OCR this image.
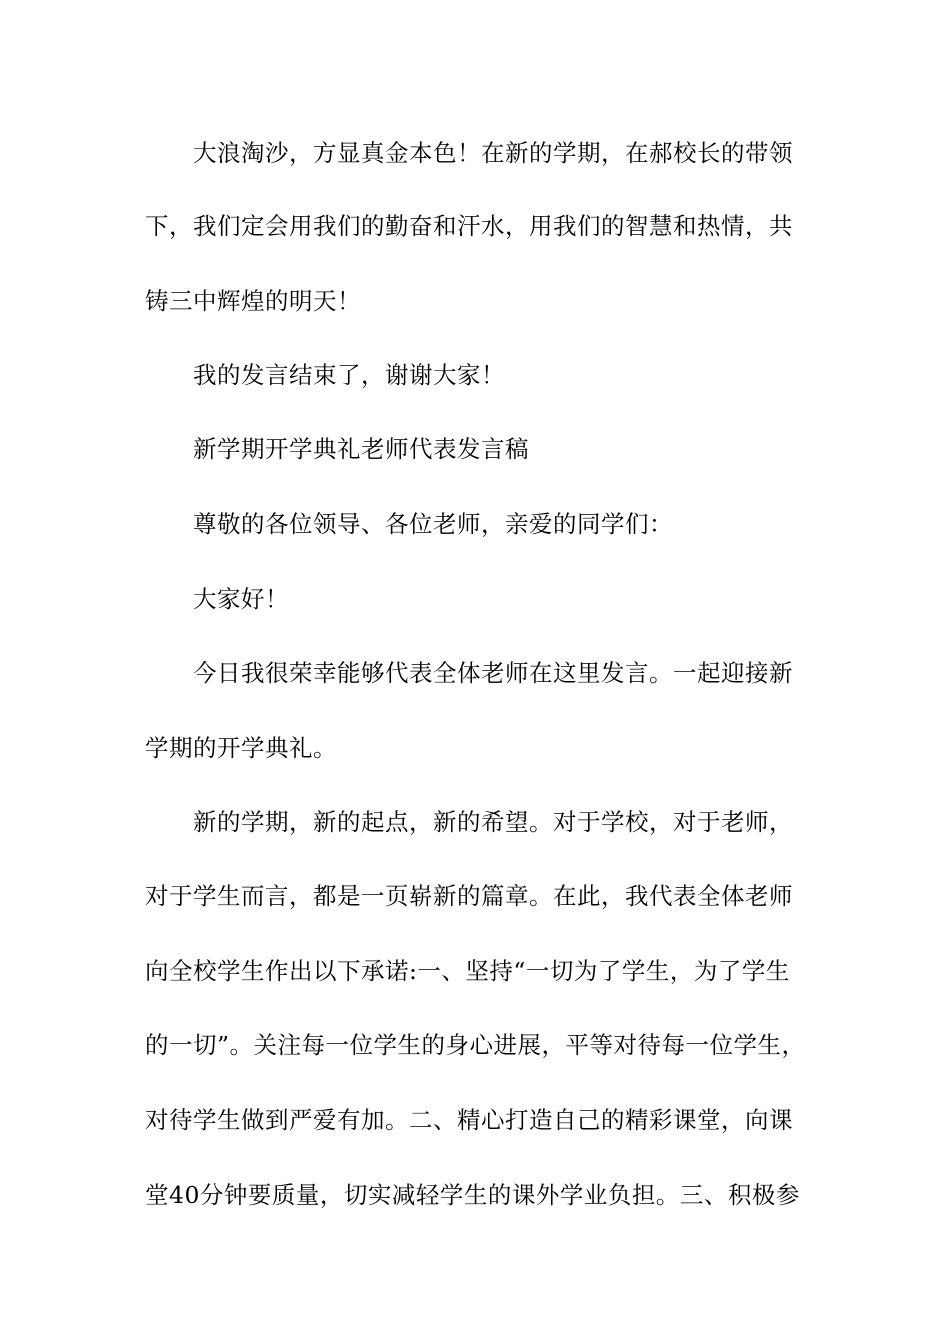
大浪淘沙，方显真金本色！在新的学期，在郝校长的带领
下，我们定会用我们的勤奋和汗水，用我们的智慧和热情，共
铸三中辉煌的明天！
我的发言结束了，谢谢大家！
新学期开学典礼老师代表发言稿
尊敬的各位领导、各位老师，亲爱的同学们：
大家好！
今日我很荣幸能够代表全体老师在这里发言。一起迎接新
学期的开学典礼。
新的学期，新的起点，新的希望。对于学校，对于老师，
对于学生而言，都是一页崭新的篇章。在此，我代表全体老师
向全校学生作出以下承诺:一、坚持“一切为了学生，为了学生
的一切”。关注每一位学生的身心进展，平等对待每一位学生，
对待学生做到严爱有加。二、精心打造自己的精彩课堂，向课
堂40分钟要质量，切实减轻学生的课外学业负担。三、积极参
